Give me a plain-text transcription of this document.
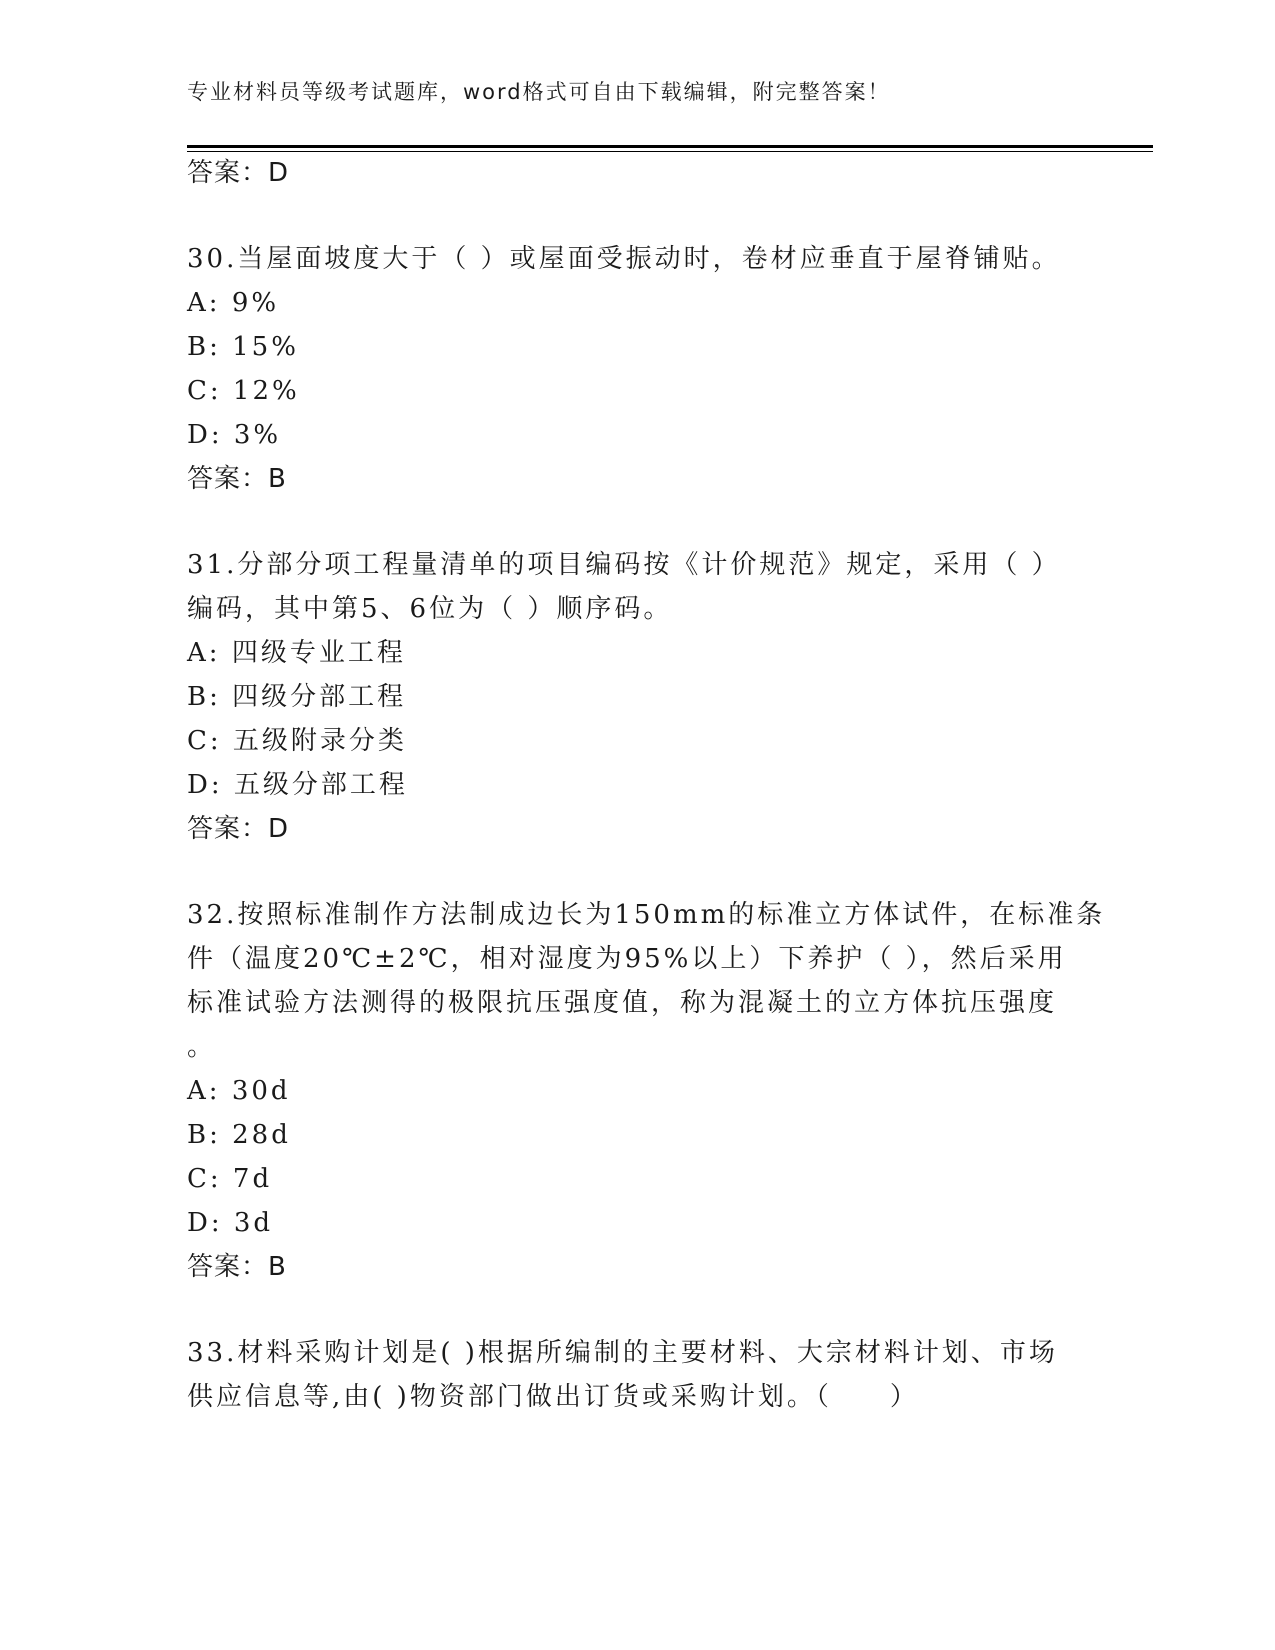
专业材料员等级考试题库，word格式可自由下载编辑，附完整答案！
答案：D
30.当屋面坡度大于（ ）或屋面受振动时，卷材应垂直于屋脊铺贴。
A: 9%
B: 15%
C: 12%
D: 3%
答案：B
31.分部分项工程量清单的项目编码按《计价规范》规定，采用（ ）
编码，其中第5、6位为（ ）顺序码。
A: 四级专业工程
B: 四级分部工程
C: 五级附录分类
D: 五级分部工程
答案：D
32.按照标准制作方法制成边长为150mm的标准立方体试件，在标准条
件（温度20℃±2℃，相对湿度为95%以上）下养护（ ），然后采用
标准试验方法测得的极限抗压强度值，称为混凝土的立方体抗压强度
。
A: 30d
B: 28d
C: 7d
D: 3d
答案：B
33.材料采购计划是( )根据所编制的主要材料、大宗材料计划、市场
供应信息等,由( )物资部门做出订货或采购计划。（　　）
